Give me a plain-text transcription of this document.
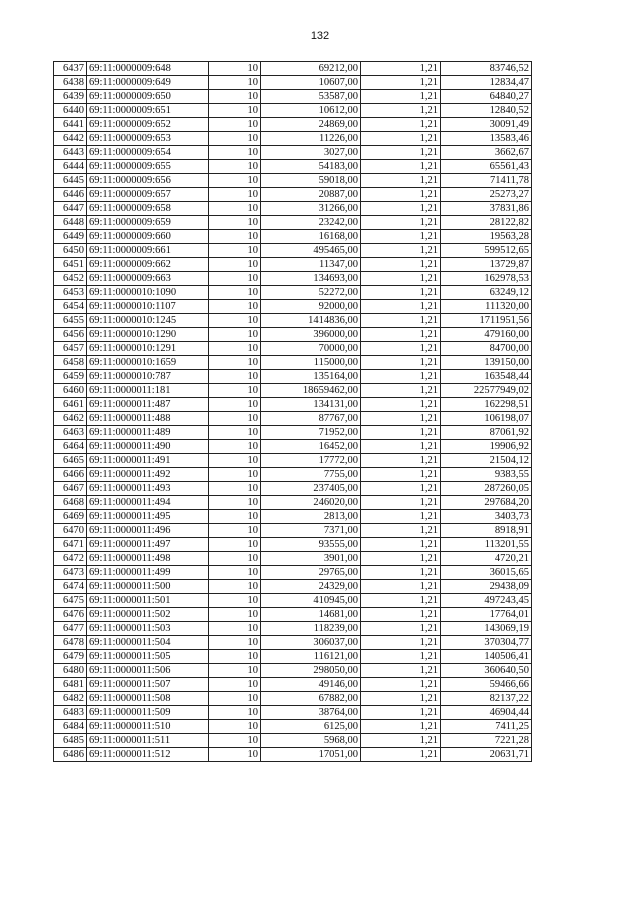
132
6437	69:11:0000009:648	10	69212,00	1,21	83746,52
6438	69:11:0000009:649	10	10607,00	1,21	12834,47
6439	69:11:0000009:650	10	53587,00	1,21	64840,27
6440	69:11:0000009:651	10	10612,00	1,21	12840,52
6441	69:11:0000009:652	10	24869,00	1,21	30091,49
6442	69:11:0000009:653	10	11226,00	1,21	13583,46
6443	69:11:0000009:654	10	3027,00	1,21	3662,67
6444	69:11:0000009:655	10	54183,00	1,21	65561,43
6445	69:11:0000009:656	10	59018,00	1,21	71411,78
6446	69:11:0000009:657	10	20887,00	1,21	25273,27
6447	69:11:0000009:658	10	31266,00	1,21	37831,86
6448	69:11:0000009:659	10	23242,00	1,21	28122,82
6449	69:11:0000009:660	10	16168,00	1,21	19563,28
6450	69:11:0000009:661	10	495465,00	1,21	599512,65
6451	69:11:0000009:662	10	11347,00	1,21	13729,87
6452	69:11:0000009:663	10	134693,00	1,21	162978,53
6453	69:11:0000010:1090	10	52272,00	1,21	63249,12
6454	69:11:0000010:1107	10	92000,00	1,21	111320,00
6455	69:11:0000010:1245	10	1414836,00	1,21	1711951,56
6456	69:11:0000010:1290	10	396000,00	1,21	479160,00
6457	69:11:0000010:1291	10	70000,00	1,21	84700,00
6458	69:11:0000010:1659	10	115000,00	1,21	139150,00
6459	69:11:0000010:787	10	135164,00	1,21	163548,44
6460	69:11:0000011:181	10	18659462,00	1,21	22577949,02
6461	69:11:0000011:487	10	134131,00	1,21	162298,51
6462	69:11:0000011:488	10	87767,00	1,21	106198,07
6463	69:11:0000011:489	10	71952,00	1,21	87061,92
6464	69:11:0000011:490	10	16452,00	1,21	19906,92
6465	69:11:0000011:491	10	17772,00	1,21	21504,12
6466	69:11:0000011:492	10	7755,00	1,21	9383,55
6467	69:11:0000011:493	10	237405,00	1,21	287260,05
6468	69:11:0000011:494	10	246020,00	1,21	297684,20
6469	69:11:0000011:495	10	2813,00	1,21	3403,73
6470	69:11:0000011:496	10	7371,00	1,21	8918,91
6471	69:11:0000011:497	10	93555,00	1,21	113201,55
6472	69:11:0000011:498	10	3901,00	1,21	4720,21
6473	69:11:0000011:499	10	29765,00	1,21	36015,65
6474	69:11:0000011:500	10	24329,00	1,21	29438,09
6475	69:11:0000011:501	10	410945,00	1,21	497243,45
6476	69:11:0000011:502	10	14681,00	1,21	17764,01
6477	69:11:0000011:503	10	118239,00	1,21	143069,19
6478	69:11:0000011:504	10	306037,00	1,21	370304,77
6479	69:11:0000011:505	10	116121,00	1,21	140506,41
6480	69:11:0000011:506	10	298050,00	1,21	360640,50
6481	69:11:0000011:507	10	49146,00	1,21	59466,66
6482	69:11:0000011:508	10	67882,00	1,21	82137,22
6483	69:11:0000011:509	10	38764,00	1,21	46904,44
6484	69:11:0000011:510	10	6125,00	1,21	7411,25
6485	69:11:0000011:511	10	5968,00	1,21	7221,28
6486	69:11:0000011:512	10	17051,00	1,21	20631,71
